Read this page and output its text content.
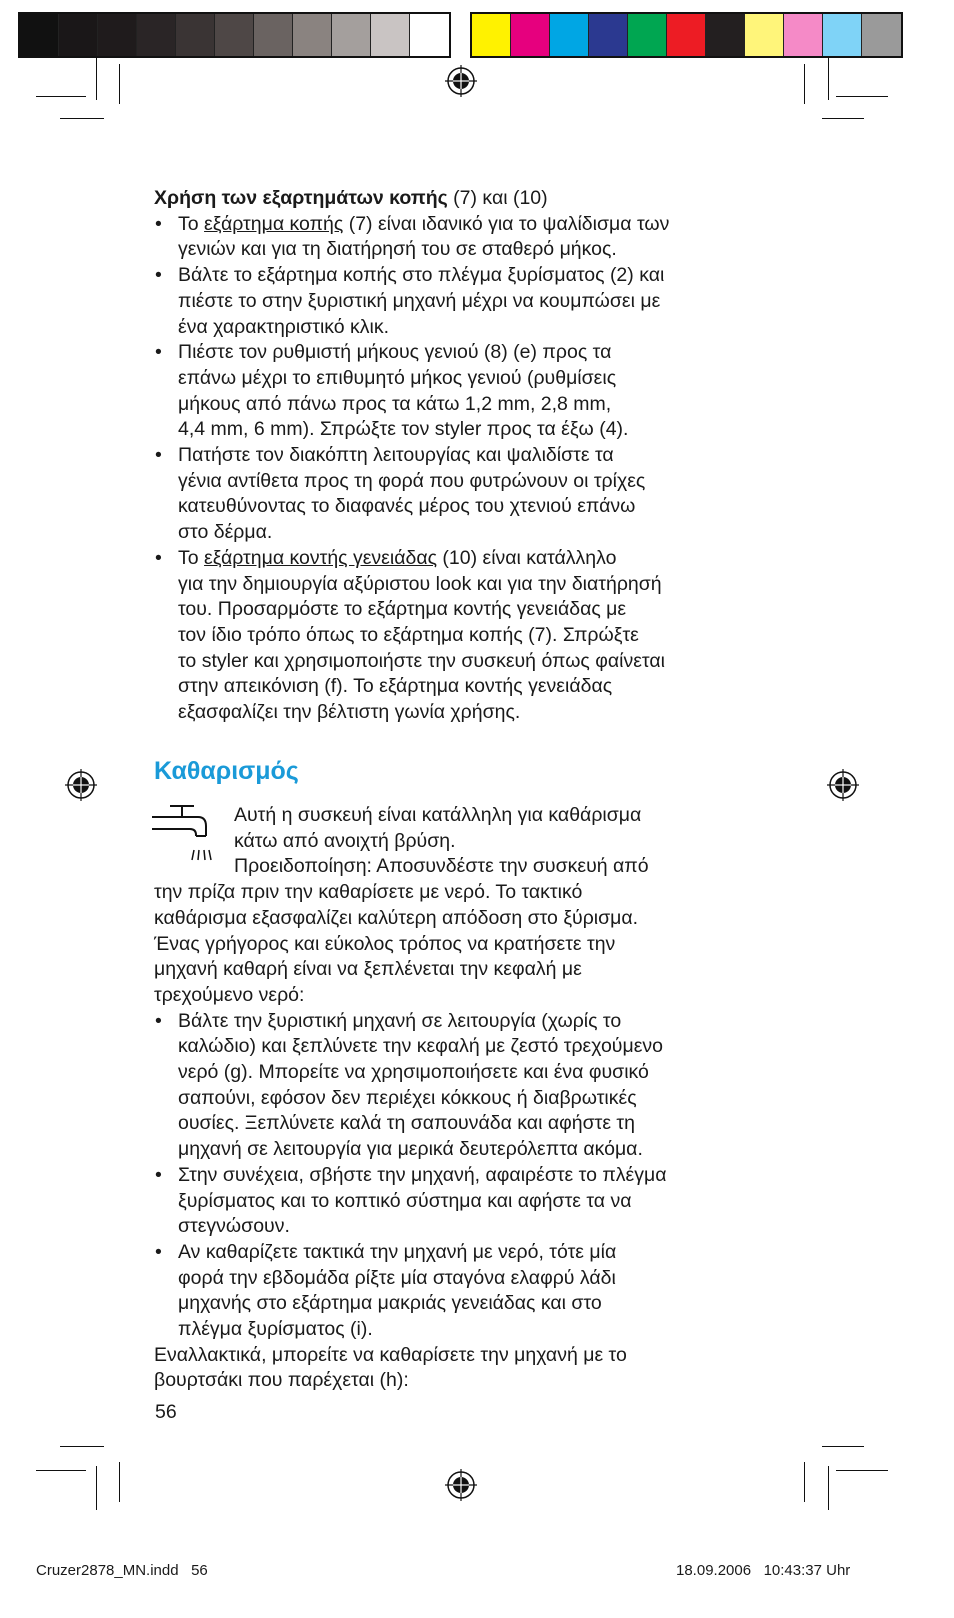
Χρήση των εξαρτημάτων κοπής (7) και (10)

• Το εξάρτημα κοπής (7) είναι ιδανικό για το ψαλίδισμα των
γενιών και για τη διατήρησή του σε σταθερό μήκος.
• Βάλτε το εξάρτημα κοπής στο πλέγμα ξυρίσματος (2) και
πιέστε το στην ξυριστική μηχανή μέχρι να κουμπώσει με
ένα χαρακτηριστικό κλικ.
• Πιέστε τον ρυθμιστή μήκους γενιού (8) (e) προς τα
επάνω μέχρι το επιθυμητό μήκος γενιού (ρυθμίσεις
μήκους από πάνω προς τα κάτω 1,2 mm, 2,8 mm,
4,4 mm, 6 mm). Σπρώξτε τον styler προς τα έξω (4).
• Πατήστε τον διακόπτη λειτουργίας και ψαλιδίστε τα
γένια αντίθετα προς τη φορά που φυτρώνουν οι τρίχες
κατευθύνοντας το διαφανές μέρος του χτενιού επάνω
στο δέρμα.
• Το εξάρτημα κοντής γενειάδας (10) είναι κατάλληλο
για την δημιουργία αξύριστου look και για την διατήρησή
του. Προσαρμόστε το εξάρτημα κοντής γενειάδας με
τον ίδιο τρόπο όπως το εξάρτημα κοπής (7). Σπρώξτε
το styler και χρησιμοποιήστε την συσκευή όπως φαίνεται
στην απεικόνιση (f). Το εξάρτημα κοντής γενειάδας
εξασφαλίζει την βέλτιστη γωνία χρήσης.
Καθαρισμός
Αυτή η συσκευή είναι κατάλληλη για καθάρισμα
κάτω από ανοιχτή βρύση.
Προειδοποίηση: Αποσυνδέστε την συσκευή από
την πρίζα πριν την καθαρίσετε με νερό. Το τακτικό
καθάρισμα εξασφαλίζει καλύτερη απόδοση στο ξύρισμα.
Ένας γρήγορος και εύκολος τρόπος να κρατήσετε την
μηχανή καθαρή είναι να ξεπλένεται την κεφαλή με
τρεχούμενο νερό:
• Βάλτε την ξυριστική μηχανή σε λειτουργία (χωρίς το
καλώδιο) και ξεπλύνετε την κεφαλή με ζεστό τρεχούμενο
νερό (g). Μπορείτε να χρησιμοποιήσετε και ένα φυσικό
σαπούνι, εφόσον δεν περιέχει κόκκους ή διαβρωτικές
ουσίες. Ξεπλύνετε καλά τη σαπουνάδα και αφήστε τη
μηχανή σε λειτουργία για μερικά δευτερόλεπτα ακόμα.
• Στην συνέχεια, σβήστε την μηχανή, αφαιρέστε το πλέγμα
ξυρίσματος και το κοπτικό σύστημα και αφήστε τα να
στεγνώσουν.
• Αν καθαρίζετε τακτικά την μηχανή με νερό, τότε μία
φορά την εβδομάδα ρίξτε μία σταγόνα ελαφρύ λάδι
μηχανής στο εξάρτημα μακριάς γενειάδας και στο
πλέγμα ξυρίσματος (i).
Εναλλακτικά, μπορείτε να καθαρίσετε την μηχανή με το
βουρτσάκι που παρέχεται (h):
56
Cruzer2878_MN.indd   56	18.09.2006   10:43:37 Uhr
